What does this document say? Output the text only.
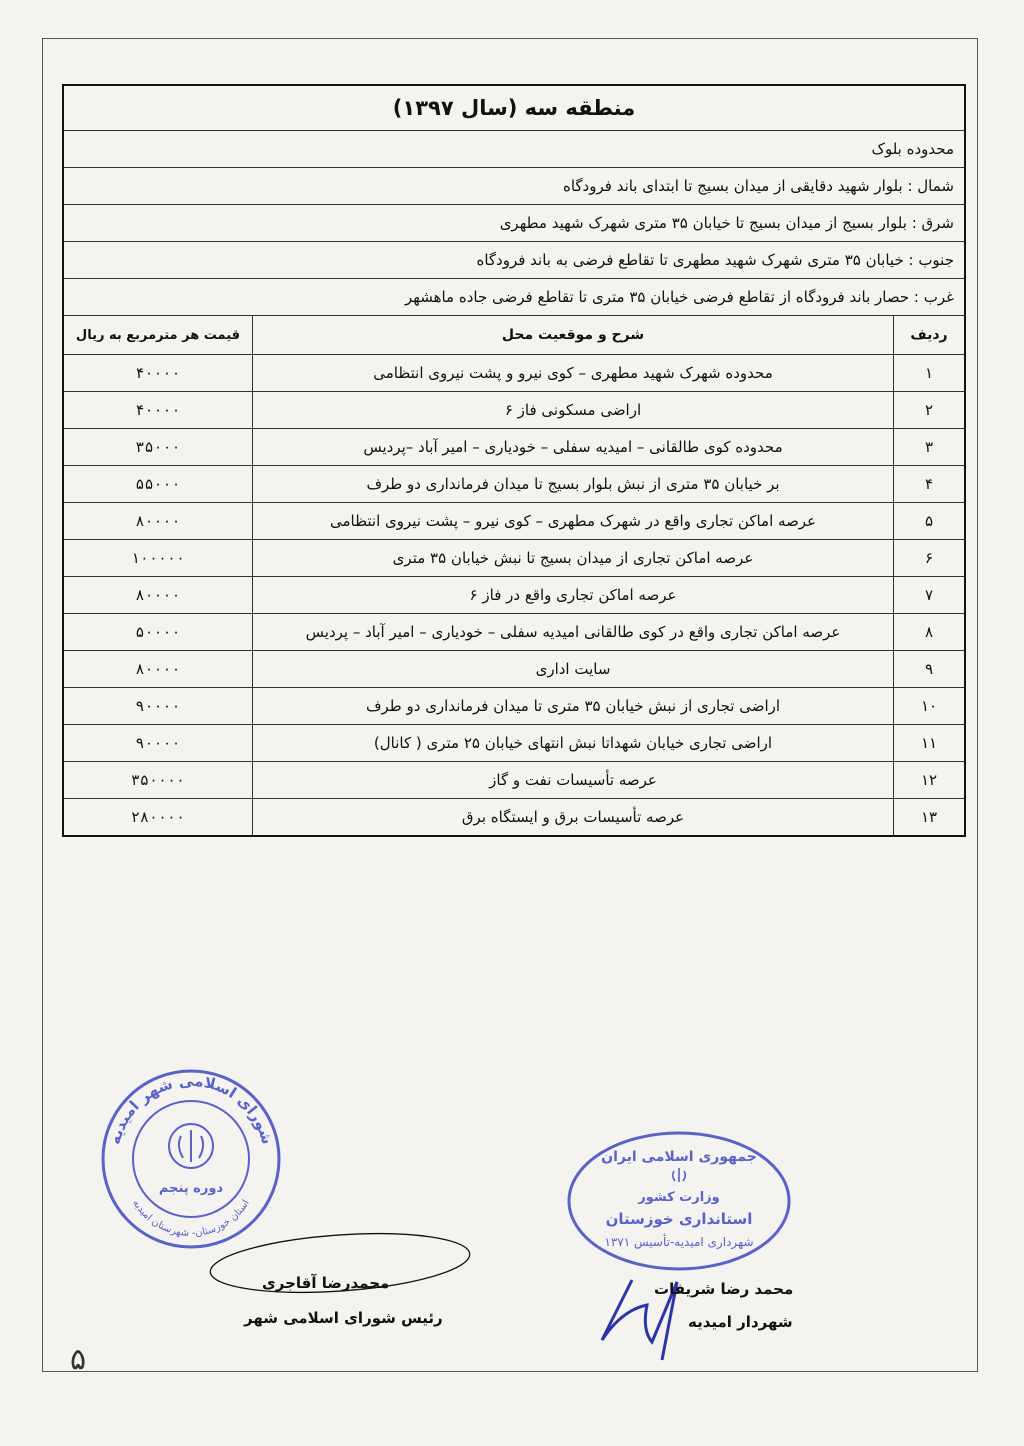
منطقه سه (سال ۱۳۹۷)		
محدوده بلوک		
شمال : بلوار شهید دقایقی از میدان بسیج تا ابتدای باند فرودگاه		
شرق : بلوار بسیج از میدان بسیج تا خیابان ۳۵ متری شهرک شهید مطهری		
جنوب : خیابان ۳۵ متری شهرک شهید مطهری تا تقاطع فرضی به باند فرودگاه		
غرب : حصار باند فرودگاه از تقاطع فرضی خیابان ۳۵ متری تا تقاطع فرضی جاده ماهشهر		
ردیف	شرح و موقعیت محل	قیمت هر مترمربع به ریال
۱	محدوده شهرک شهید مطهری – کوی نیرو و پشت نیروی انتظامی	۴۰۰۰۰
۲	اراضی مسکونی فاز ۶	۴۰۰۰۰
۳	محدوده کوی طالقانی – امیدیه سفلی – خودیاری – امیر آباد –پردیس	۳۵۰۰۰
۴	بر خیابان ۳۵ متری از نبش بلوار بسیج تا میدان فرمانداری دو طرف	۵۵۰۰۰
۵	عرصه اماکن تجاری واقع در شهرک مطهری – کوی نیرو – پشت نیروی انتظامی	۸۰۰۰۰
۶	عرصه اماکن تجاری از میدان بسیج تا نبش خیابان ۳۵ متری	۱۰۰۰۰۰
۷	عرصه اماکن تجاری واقع در فاز ۶	۸۰۰۰۰
۸	عرصه اماکن تجاری واقع در کوی طالقانی امیدیه سفلی – خودیاری – امیر آباد – پردیس	۵۰۰۰۰
۹	سایت اداری	۸۰۰۰۰
۱۰	اراضی تجاری از نبش خیابان ۳۵ متری تا میدان فرمانداری دو طرف	۹۰۰۰۰
۱۱	اراضی تجاری خیابان شهداتا نبش انتهای خیابان ۲۵ متری ( کانال)	۹۰۰۰۰
۱۲	عرصه تأسیسات نفت و گاز	۳۵۰۰۰۰
۱۳	عرصه تأسیسات برق و ایستگاه برق	۲۸۰۰۰۰
شورای اسلامی شهر امیدیه
استان خوزستان- شهرستان امیدیه
دوره پنجم
جمهوری اسلامی ایران
وزارت کشور
استانداری خوزستان
شهرداری امیدیه-تأسیس ۱۳۷۱
محمدرضا آقاجری
رئیس شورای اسلامی شهر
محمد رضا شریفات
شهردار امیدیه
۵
